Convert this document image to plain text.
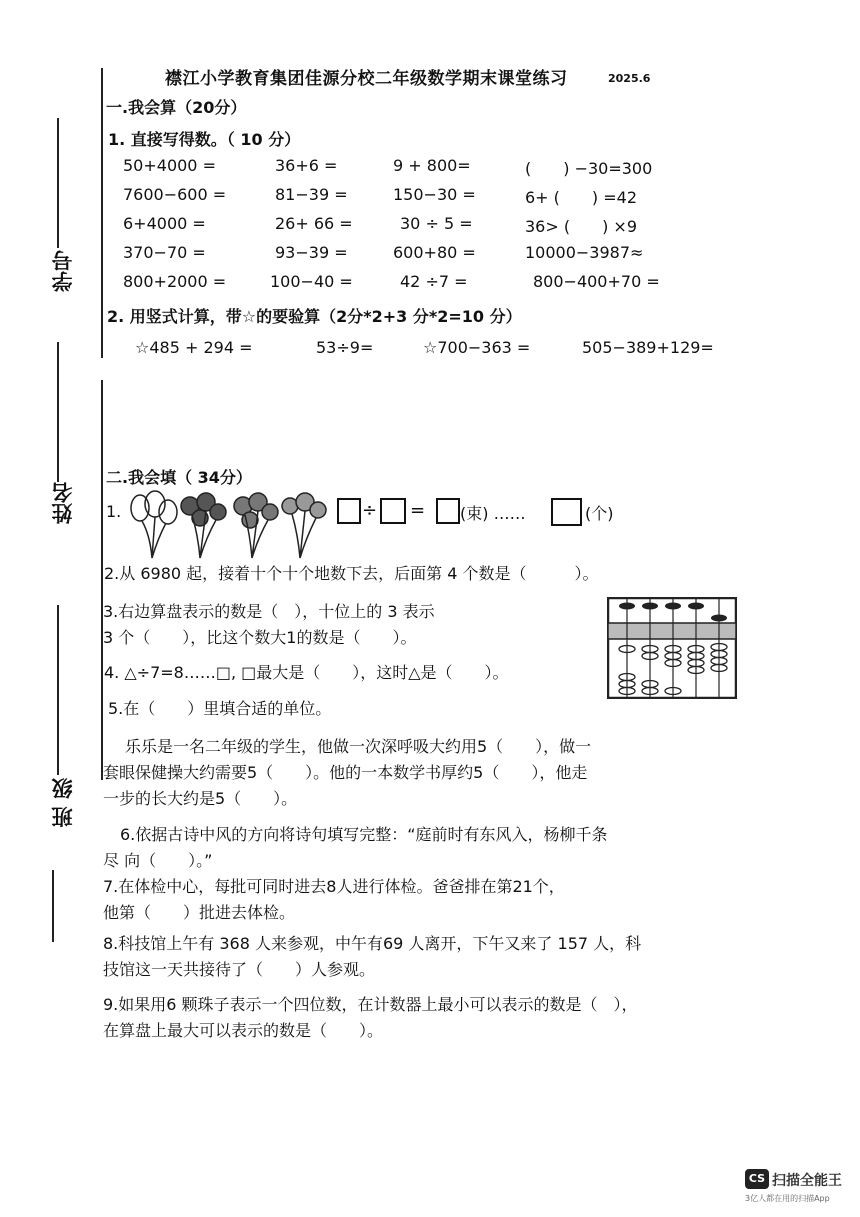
学号
姓名
班 级
襟江小学教育集团佳源分校二年级数学期末课堂练习	2025.6
一.我会算（20分）
1. 直接写得数。（ 10 分）
50+4000 =	36+6 =	9 + 800=	(　　) −30=300
7600−600 =	81−39 =	150−30 =	6+ (　　) =42
6+4000 =	26+ 66 =	30 ÷ 5 =	36> (　　) ×9
370−70 =	93−39 =	600+80 =	10000−3987≈
800+2000 =	100−40 =	42 ÷7 =	800−400+70 =
2. 用竖式计算，带☆的要验算（2分*2+3 分*2=10 分）
☆485 + 294 =	53÷9=	☆700−363 =	505−389+129=
二.我会填（ 34分）
1.	÷ = (束) ……	(个)
2.从 6980 起，接着十个十个地数下去，后面第 4 个数是（　　　）。
3.右边算盘表示的数是（　），十位上的 3 表示
3 个（　　），比这个数大1的数是（　　）。
4. △÷7=8……□, □最大是（　　），这时△是（　　）。
5.在（　　）里填合适的单位。
乐乐是一名二年级的学生，他做一次深呼吸大约用5（　　），做一
套眼保健操大约需要5（　　）。他的一本数学书厚约5（　　），他走
一步的长大约是5（　　）。
6.依据古诗中风的方向将诗句填写完整：“庭前时有东风入，杨柳千条
尽 向（　　）。”
7.在体检中心，每批可同时进去8人进行体检。爸爸排在第21个，
他第（　　）批进去体检。
8.科技馆上午有 368 人来参观，中午有69 人离开，下午又来了 157 人，科
技馆这一天共接待了（　　）人参观。
9.如果用6 颗珠子表示一个四位数，在计数器上最小可以表示的数是（　），
在算盘上最大可以表示的数是（　　）。
CS 扫描全能王
3亿人都在用的扫描App
